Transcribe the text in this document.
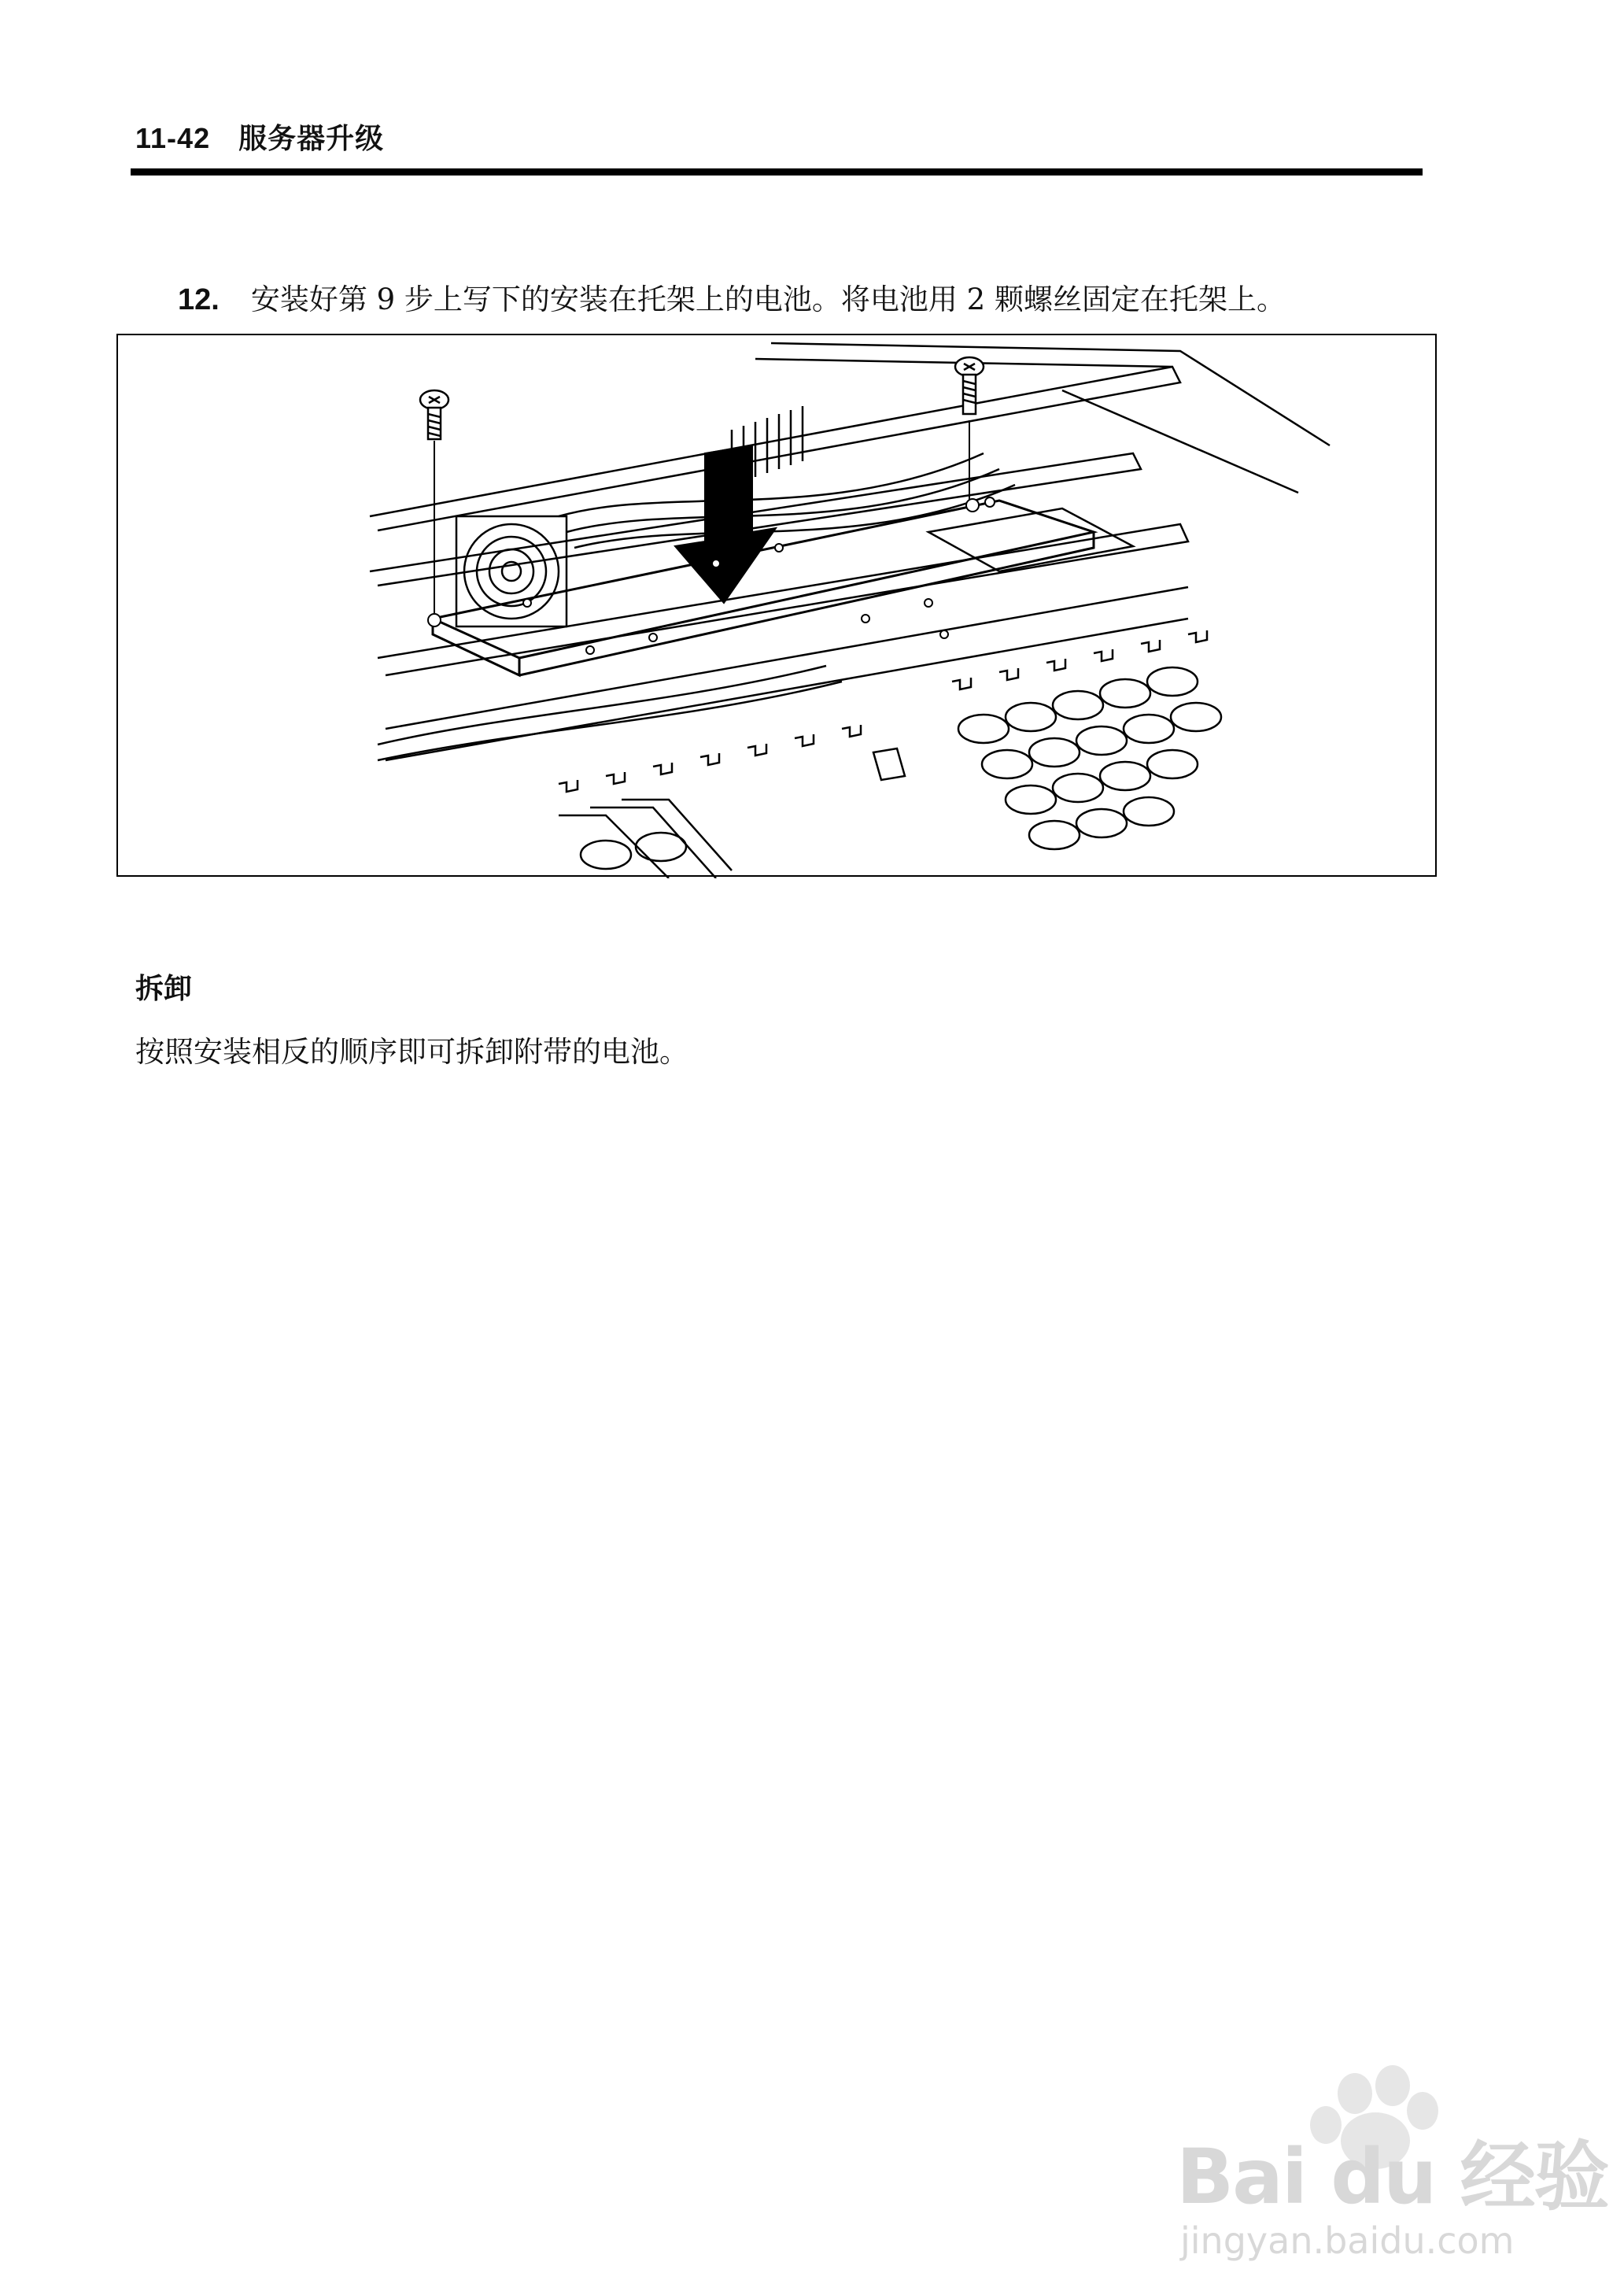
11-42 服务器升级
12. 安装好第 9 步上写下的安装在托架上的电池。将电池用 2 颗螺丝固定在托架上。
拆卸
按照安装相反的顺序即可拆卸附带的电池。
Bai du 经验
jingyan.baidu.com
